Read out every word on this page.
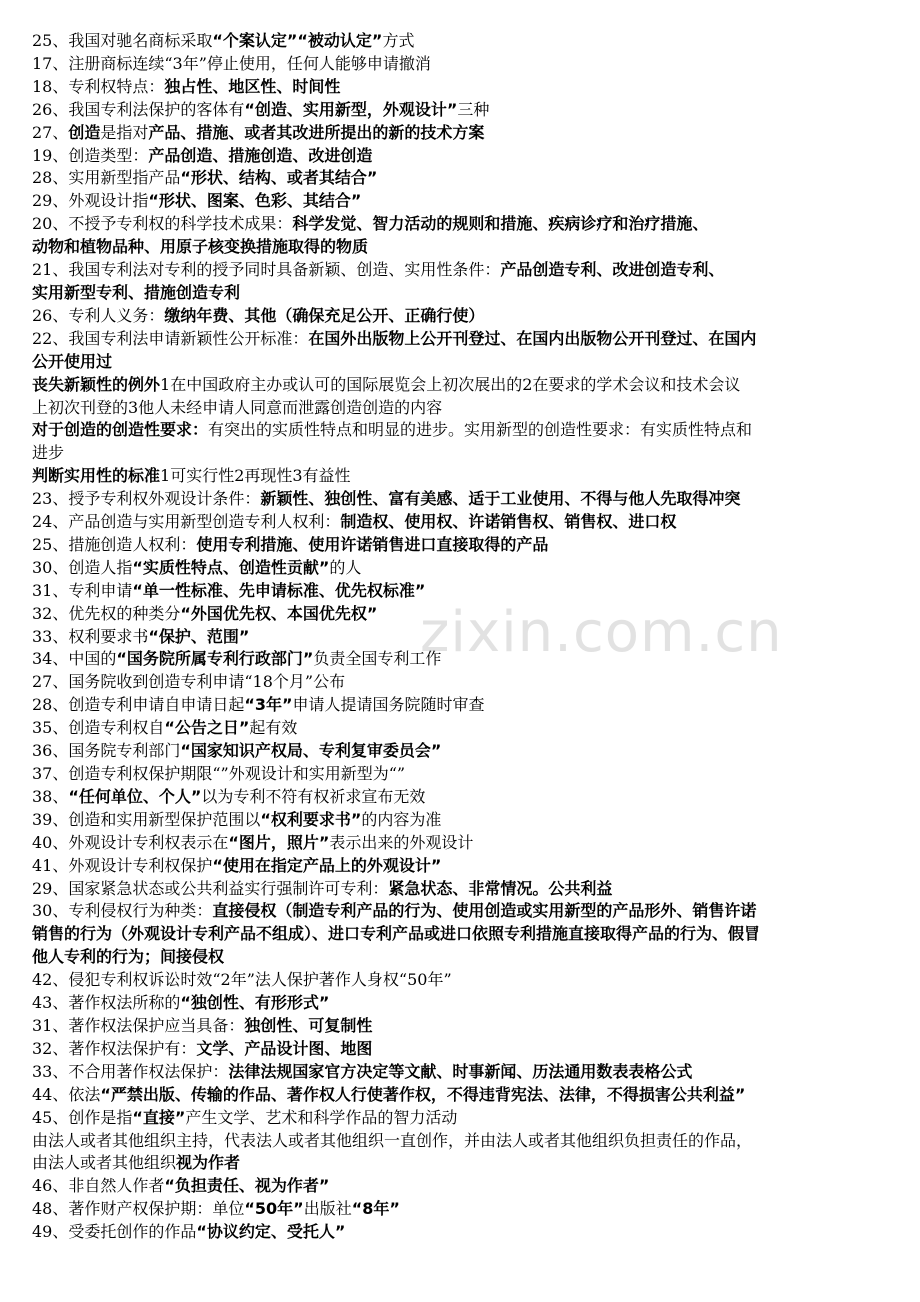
25、我国对驰名商标采取“个案认定”“被动认定”方式
17、注册商标连续“3年”停止使用，任何人能够申请撤消
18、专利权特点：独占性、地区性、时间性
26、我国专利法保护的客体有“创造、实用新型，外观设计”三种
27、创造是指对产品、措施、或者其改进所提出的新的技术方案
19、创造类型：产品创造、措施创造、改进创造
28、实用新型指产品“形状、结构、或者其结合”
29、外观设计指“形状、图案、色彩、其结合”
20、不授予专利权的科学技术成果：科学发觉、智力活动的规则和措施、疾病诊疗和治疗措施、
动物和植物品种、用原子核变换措施取得的物质
21、我国专利法对专利的授予同时具备新颖、创造、实用性条件：产品创造专利、改进创造专利、
实用新型专利、措施创造专利
26、专利人义务：缴纳年费、其他（确保充足公开、正确行使）
22、我国专利法申请新颖性公开标准：在国外出版物上公开刊登过、在国内出版物公开刊登过、在国内
公开使用过
丧失新颖性的例外1在中国政府主办或认可的国际展览会上初次展出的2在要求的学术会议和技术会议
上初次刊登的3他人未经申请人同意而泄露创造创造的内容
对于创造的创造性要求：有突出的实质性特点和明显的进步。实用新型的创造性要求：有实质性特点和
进步
判断实用性的标准1可实行性2再现性3有益性
23、授予专利权外观设计条件：新颖性、独创性、富有美感、适于工业使用、不得与他人先取得冲突
24、产品创造与实用新型创造专利人权利：制造权、使用权、许诺销售权、销售权、进口权
25、措施创造人权利：使用专利措施、使用许诺销售进口直接取得的产品
30、创造人指“实质性特点、创造性贡献”的人
31、专利申请“单一性标准、先申请标准、优先权标准”
32、优先权的种类分“外国优先权、本国优先权”
33、权利要求书“保护、范围”
34、中国的“国务院所属专利行政部门”负责全国专利工作
27、国务院收到创造专利申请“18个月”公布
28、创造专利申请自申请日起“3年”申请人提请国务院随时审查
35、创造专利权自“公告之日”起有效
36、国务院专利部门“国家知识产权局、专利复审委员会”
37、创造专利权保护期限“”外观设计和实用新型为“”
38、“任何单位、个人”以为专利不符有权祈求宣布无效
39、创造和实用新型保护范围以“权利要求书”的内容为准
40、外观设计专利权表示在“图片，照片”表示出来的外观设计
41、外观设计专利权保护“使用在指定产品上的外观设计”
29、国家紧急状态或公共利益实行强制许可专利：紧急状态、非常情况。公共利益
30、专利侵权行为种类：直接侵权（制造专利产品的行为、使用创造或实用新型的产品形外、销售许诺
销售的行为（外观设计专利产品不组成）、进口专利产品或进口依照专利措施直接取得产品的行为、假冒
他人专利的行为；间接侵权
42、侵犯专利权诉讼时效“2年”法人保护著作人身权“50年”
43、著作权法所称的“独创性、有形形式”
31、著作权法保护应当具备：独创性、可复制性
32、著作权法保护有：文学、产品设计图、地图
33、不合用著作权法保护：法律法规国家官方决定等文献、时事新闻、历法通用数表表格公式
44、依法“严禁出版、传输的作品、著作权人行使著作权，不得违背宪法、法律，不得损害公共利益”
45、创作是指“直接”产生文学、艺术和科学作品的智力活动
由法人或者其他组织主持，代表法人或者其他组织一直创作，并由法人或者其他组织负担责任的作品，
由法人或者其他组织视为作者
46、非自然人作者“负担责任、视为作者”
48、著作财产权保护期：单位“50年”出版社“8年”
49、受委托创作的作品“协议约定、受托人”
zixin.com.cn
